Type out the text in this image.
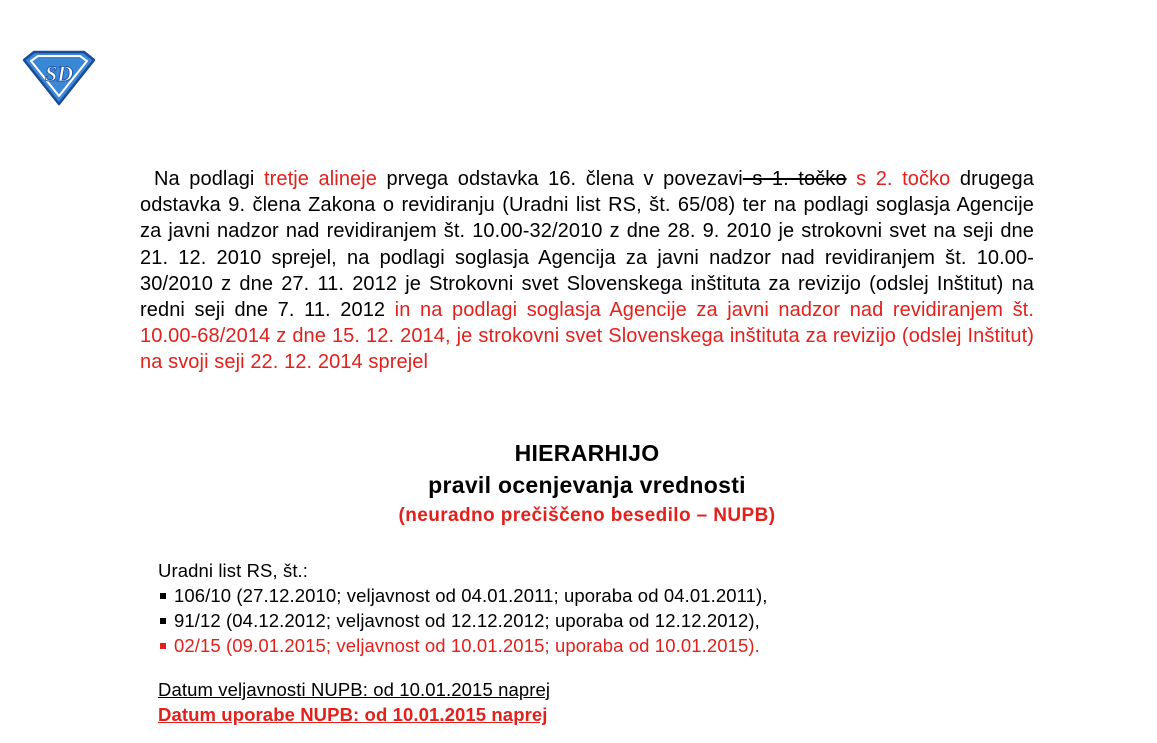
SD
Na podlagi tretje alineje prvega odstavka 16. člena v povezavi s 1. točko s 2. točko drugega odstavka 9. člena Zakona o revidiranju (Uradni list RS, št. 65/08) ter na podlagi soglasja Agencije za javni nadzor nad revidiranjem št. 10.00-32/2010 z dne 28. 9. 2010 je strokovni svet na seji dne 21. 12. 2010 sprejel, na podlagi soglasja Agencija za javni nadzor nad revidiranjem št. 10.00-30/2010 z dne 27. 11. 2012 je Strokovni svet Slovenskega inštituta za revizijo (odslej Inštitut) na redni seji dne 7. 11. 2012 in na podlagi soglasja Agencije za javni nadzor nad revidiranjem št. 10.00-68/2014 z dne 15. 12. 2014, je strokovni svet Slovenskega inštituta za revizijo (odslej Inštitut) na svoji seji 22. 12. 2014 sprejel
HIERARHIJO
pravil ocenjevanja vrednosti
(neuradno prečiščeno besedilo – NUPB)
Uradni list RS, št.:
106/10 (27.12.2010; veljavnost od 04.01.2011; uporaba od 04.01.2011),
91/12 (04.12.2012; veljavnost od 12.12.2012; uporaba od 12.12.2012),
02/15 (09.01.2015; veljavnost od 10.01.2015; uporaba od 10.01.2015).
Datum veljavnosti NUPB: od 10.01.2015 naprej
Datum uporabe NUPB: od 10.01.2015 naprej
